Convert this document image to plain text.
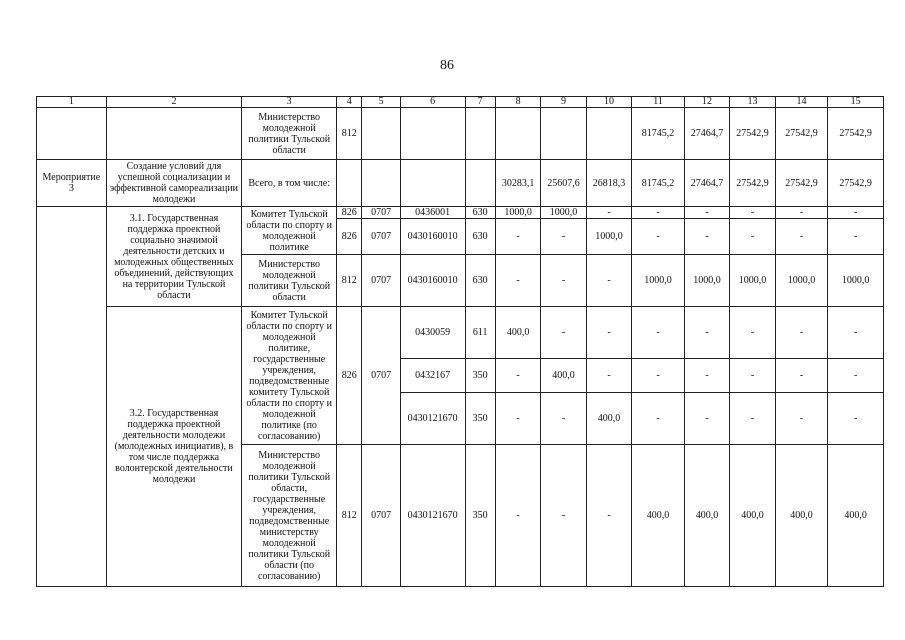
86
1	2	3	4	5	6	7	8	9	10	11	12	13	14	15
		Министерство молодежной политики Тульской области	812							81745,2	27464,7	27542,9	27542,9	27542,9
Мероприятие 3	Создание условий для успешной социализации и эффективной самореализации молодежи	Всего, в том числе:					30283,1	25607,6	26818,3	81745,2	27464,7	27542,9	27542,9	27542,9
	3.1. Государственная поддержка проектной социально значимой деятельности детских и молодежных общественных объединений, действующих на территории Тульской области	Комитет Тульской области по спорту и молодежной политике	826	0707	0436001	630	1000,0	1000,0	-	-	-	-	-	-
			826	0707	0430160010	630	-	-	1000,0	-	-	-	-	-
		Министерство молодежной политики Тульской области	812	0707	0430160010	630	-	-	-	1000,0	1000,0	1000,0	1000,0	1000,0
	3.2. Государственная поддержка проектной деятельности молодежи (молодежных инициатив), в том числе поддержка волонтерской деятельности молодежи	Комитет Тульской области по спорту и молодежной политике, государственные учреждения, подведомственные комитету Тульской области по спорту и молодежной политике (по согласованию)	826	0707	0430059	611	400,0	-	-	-	-	-	-	-
					0432167	350	-	400,0	-	-	-	-	-	-
					0430121670	350	-	-	400,0	-	-	-	-	-
		Министерство молодежной политики Тульской области, государственные учреждения, подведомственные министерству молодежной политики Тульской области (по согласованию)	812	0707	0430121670	350	-	-	-	400,0	400,0	400,0	400,0	400,0
